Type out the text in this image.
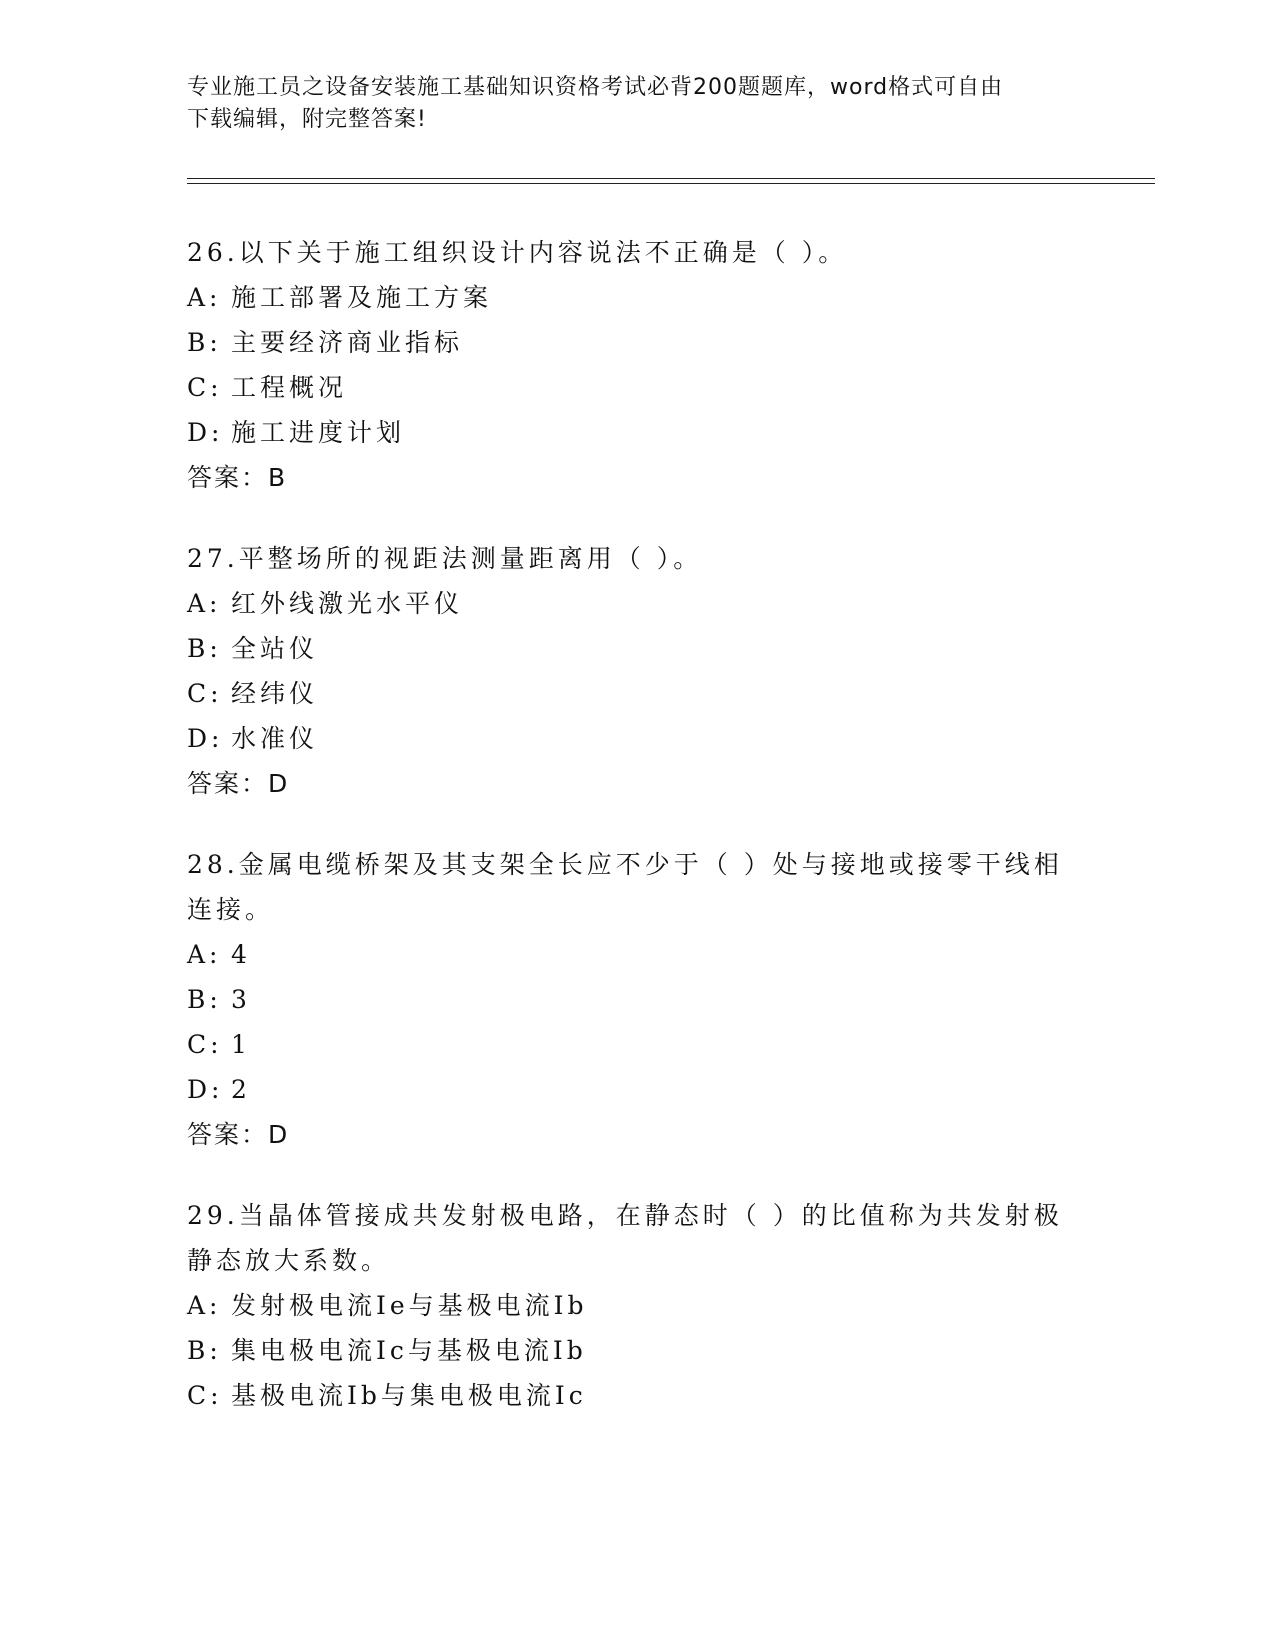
专业施工员之设备安装施工基础知识资格考试必背200题题库，word格式可自由
下载编辑，附完整答案!
26.以下关于施工组织设计内容说法不正确是（ ）。
A: 施工部署及施工方案
B: 主要经济商业指标
C: 工程概况
D: 施工进度计划
答案：B
27.平整场所的视距法测量距离用（ ）。
A: 红外线激光水平仪
B: 全站仪
C: 经纬仪
D: 水准仪
答案：D
28.金属电缆桥架及其支架全长应不少于（ ）处与接地或接零干线相
连接。
A: 4
B: 3
C: 1
D: 2
答案：D
29.当晶体管接成共发射极电路，在静态时（ ）的比值称为共发射极
静态放大系数。
A: 发射极电流Ie与基极电流Ib
B: 集电极电流Ic与基极电流Ib
C: 基极电流Ib与集电极电流Ic
